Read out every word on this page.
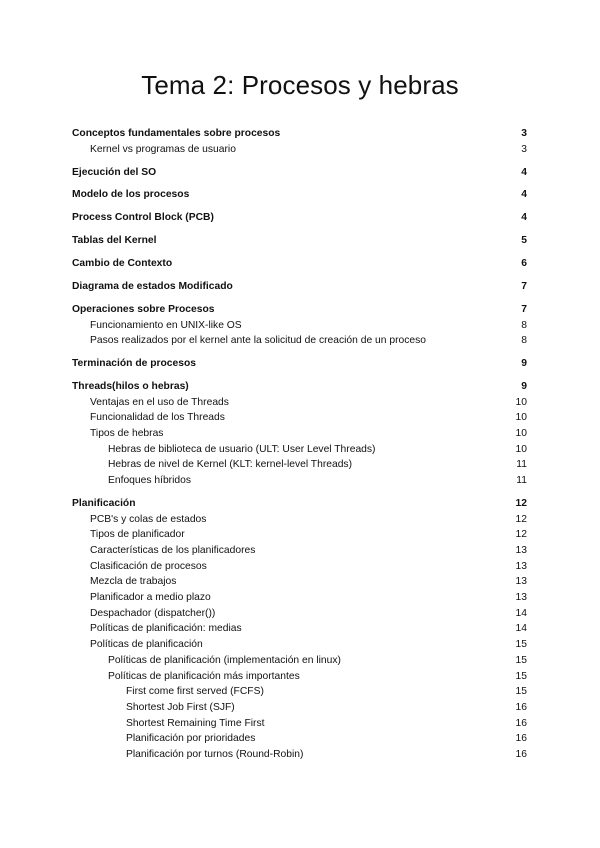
Tema 2: Procesos y hebras
Conceptos fundamentales sobre procesos	3
Kernel vs programas de usuario	3
Ejecución del SO	4
Modelo de los procesos	4
Process Control Block (PCB)	4
Tablas del Kernel	5
Cambio de Contexto	6
Diagrama de estados Modificado	7
Operaciones sobre Procesos	7
Funcionamiento en UNIX-like OS	8
Pasos realizados por el kernel ante la solicitud de creación de un proceso	8
Terminación de procesos	9
Threads(hilos o hebras)	9
Ventajas en el uso de Threads	10
Funcionalidad de los Threads	10
Tipos de hebras	10
Hebras de biblioteca de usuario (ULT: User Level Threads)	10
Hebras de nivel de Kernel (KLT: kernel-level Threads)	11
Enfoques híbridos	11
Planificación	12
PCB's y colas de estados	12
Tipos de planificador	12
Características de los planificadores	13
Clasificación de procesos	13
Mezcla de trabajos	13
Planificador a medio plazo	13
Despachador (dispatcher())	14
Políticas de planificación: medias	14
Políticas de planificación	15
Políticas de planificación (implementación en linux)	15
Políticas de planificación más importantes	15
First come first served (FCFS)	15
Shortest Job First (SJF)	16
Shortest Remaining Time First	16
Planificación por prioridades	16
Planificación por turnos (Round-Robin)	16
